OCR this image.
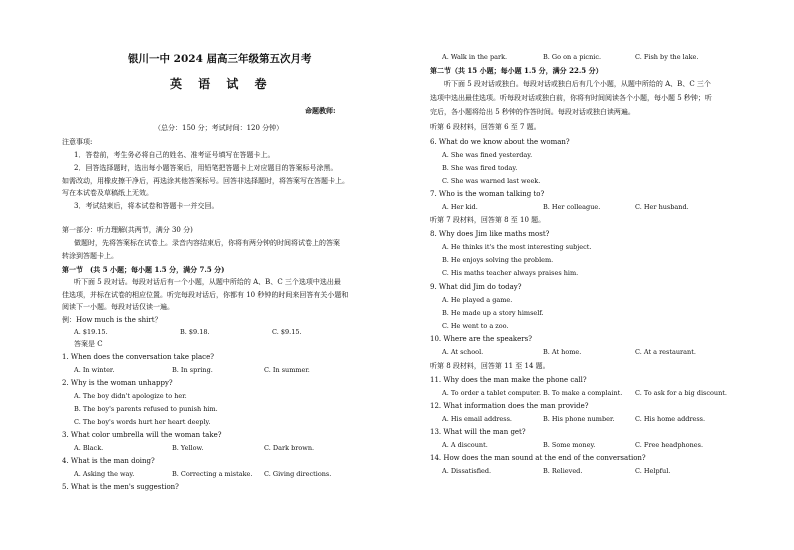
银川一中 2024 届高三年级第五次月考
英 语 试 卷
命题教师:
（总分：150 分；考试时间：120 分钟）
注意事项:
1．答卷前，考生务必将自己的姓名、准考证号填写在答题卡上。
2．回答选择题时，选出每小题答案后，用铅笔把答题卡上对应题目的答案标号涂黑。
如需改动，用橡皮擦干净后，再选涂其他答案标号。回答非选择题时，将答案写在答题卡上。
写在本试卷及草稿纸上无效。
3．考试结束后，将本试卷和答题卡一并交回。
第一部分：听力理解(共两节，满分 30 分)
做题时，先将答案标在试卷上。录音内容结束后，你将有两分钟的时间将试卷上的答案
转涂到答题卡上。
第一节　(共 5 小题；每小题 1.5 分，满分 7.5 分)
听下面 5 段对话。每段对话后有一个小题，从题中所给的 A、B、C 三个选项中选出最
佳选项，并标在试卷的相应位置。听完每段对话后，你都有 10 秒钟的时间来回答有关小题和
阅读下一小题。每段对话仅读一遍。
例：How much is the shirt？
A. $19.15.	B. $9.18.	C. $9.15.
答案是 C
1. When does the conversation take place?
A. In winter.	B. In spring.	C. In summer.
2. Why is the woman unhappy?
A. The boy didn't apologize to her.
B. The boy's parents refused to punish him.
C. The boy's words hurt her heart deeply.
3. What color umbrella will the woman take?
A. Black.	B. Yellow.	C. Dark brown.
4. What is the man doing?
A. Asking the way.	B. Correcting a mistake. C. Giving directions.
5. What is the men's suggestion?
A. Walk in the park.	B. Go on a picnic.	C. Fish by the lake.
第二节（共 15 小题；每小题 1.5 分，满分 22.5 分）
听下面 5 段对话或独白。每段对话或独白后有几个小题，从题中所给的 A、B、C 三个
选项中选出最佳选项。听每段对话或独白前，你将有时间阅读各个小题，每小题 5 秒钟；听
完后，各小题将给出 5 秒钟的作答时间。每段对话或独白读两遍。
听第 6 段材料，回答第 6 至 7 题。
6. What do we know about the woman?
A. She was fined yesterday.
B. She was fired today.
C. She was warned last week.
7. Who is the woman talking to?
A. Her kid.	B. Her colleague.	C. Her husband.
听第 7 段材料，回答第 8 至 10 题。
8. Why does Jim like maths most?
A. He thinks it's the most interesting subject.
B. He enjoys solving the problem.
C. His maths teacher always praises him.
9. What did Jim do today?
A. He played a game.
B. He made up a story himself.
C. He went to a zoo.
10. Where are the speakers?
A. At school.	B. At home.	C. At a restaurant.
听第 8 段材料，回答第 11 至 14 题。
11. Why does the man make the phone call?
A. To order a tablet computer. B. To make a complaint. C. To ask for a big discount.
12. What information does the man provide?
A. His email address.	B. His phone number.	C. His home address.
13. What will the man get?
A. A discount.	B. Some money.	C. Free headphones.
14. How does the man sound at the end of the conversation?
A. Dissatisfied.	B. Relieved.	C. Helpful.
